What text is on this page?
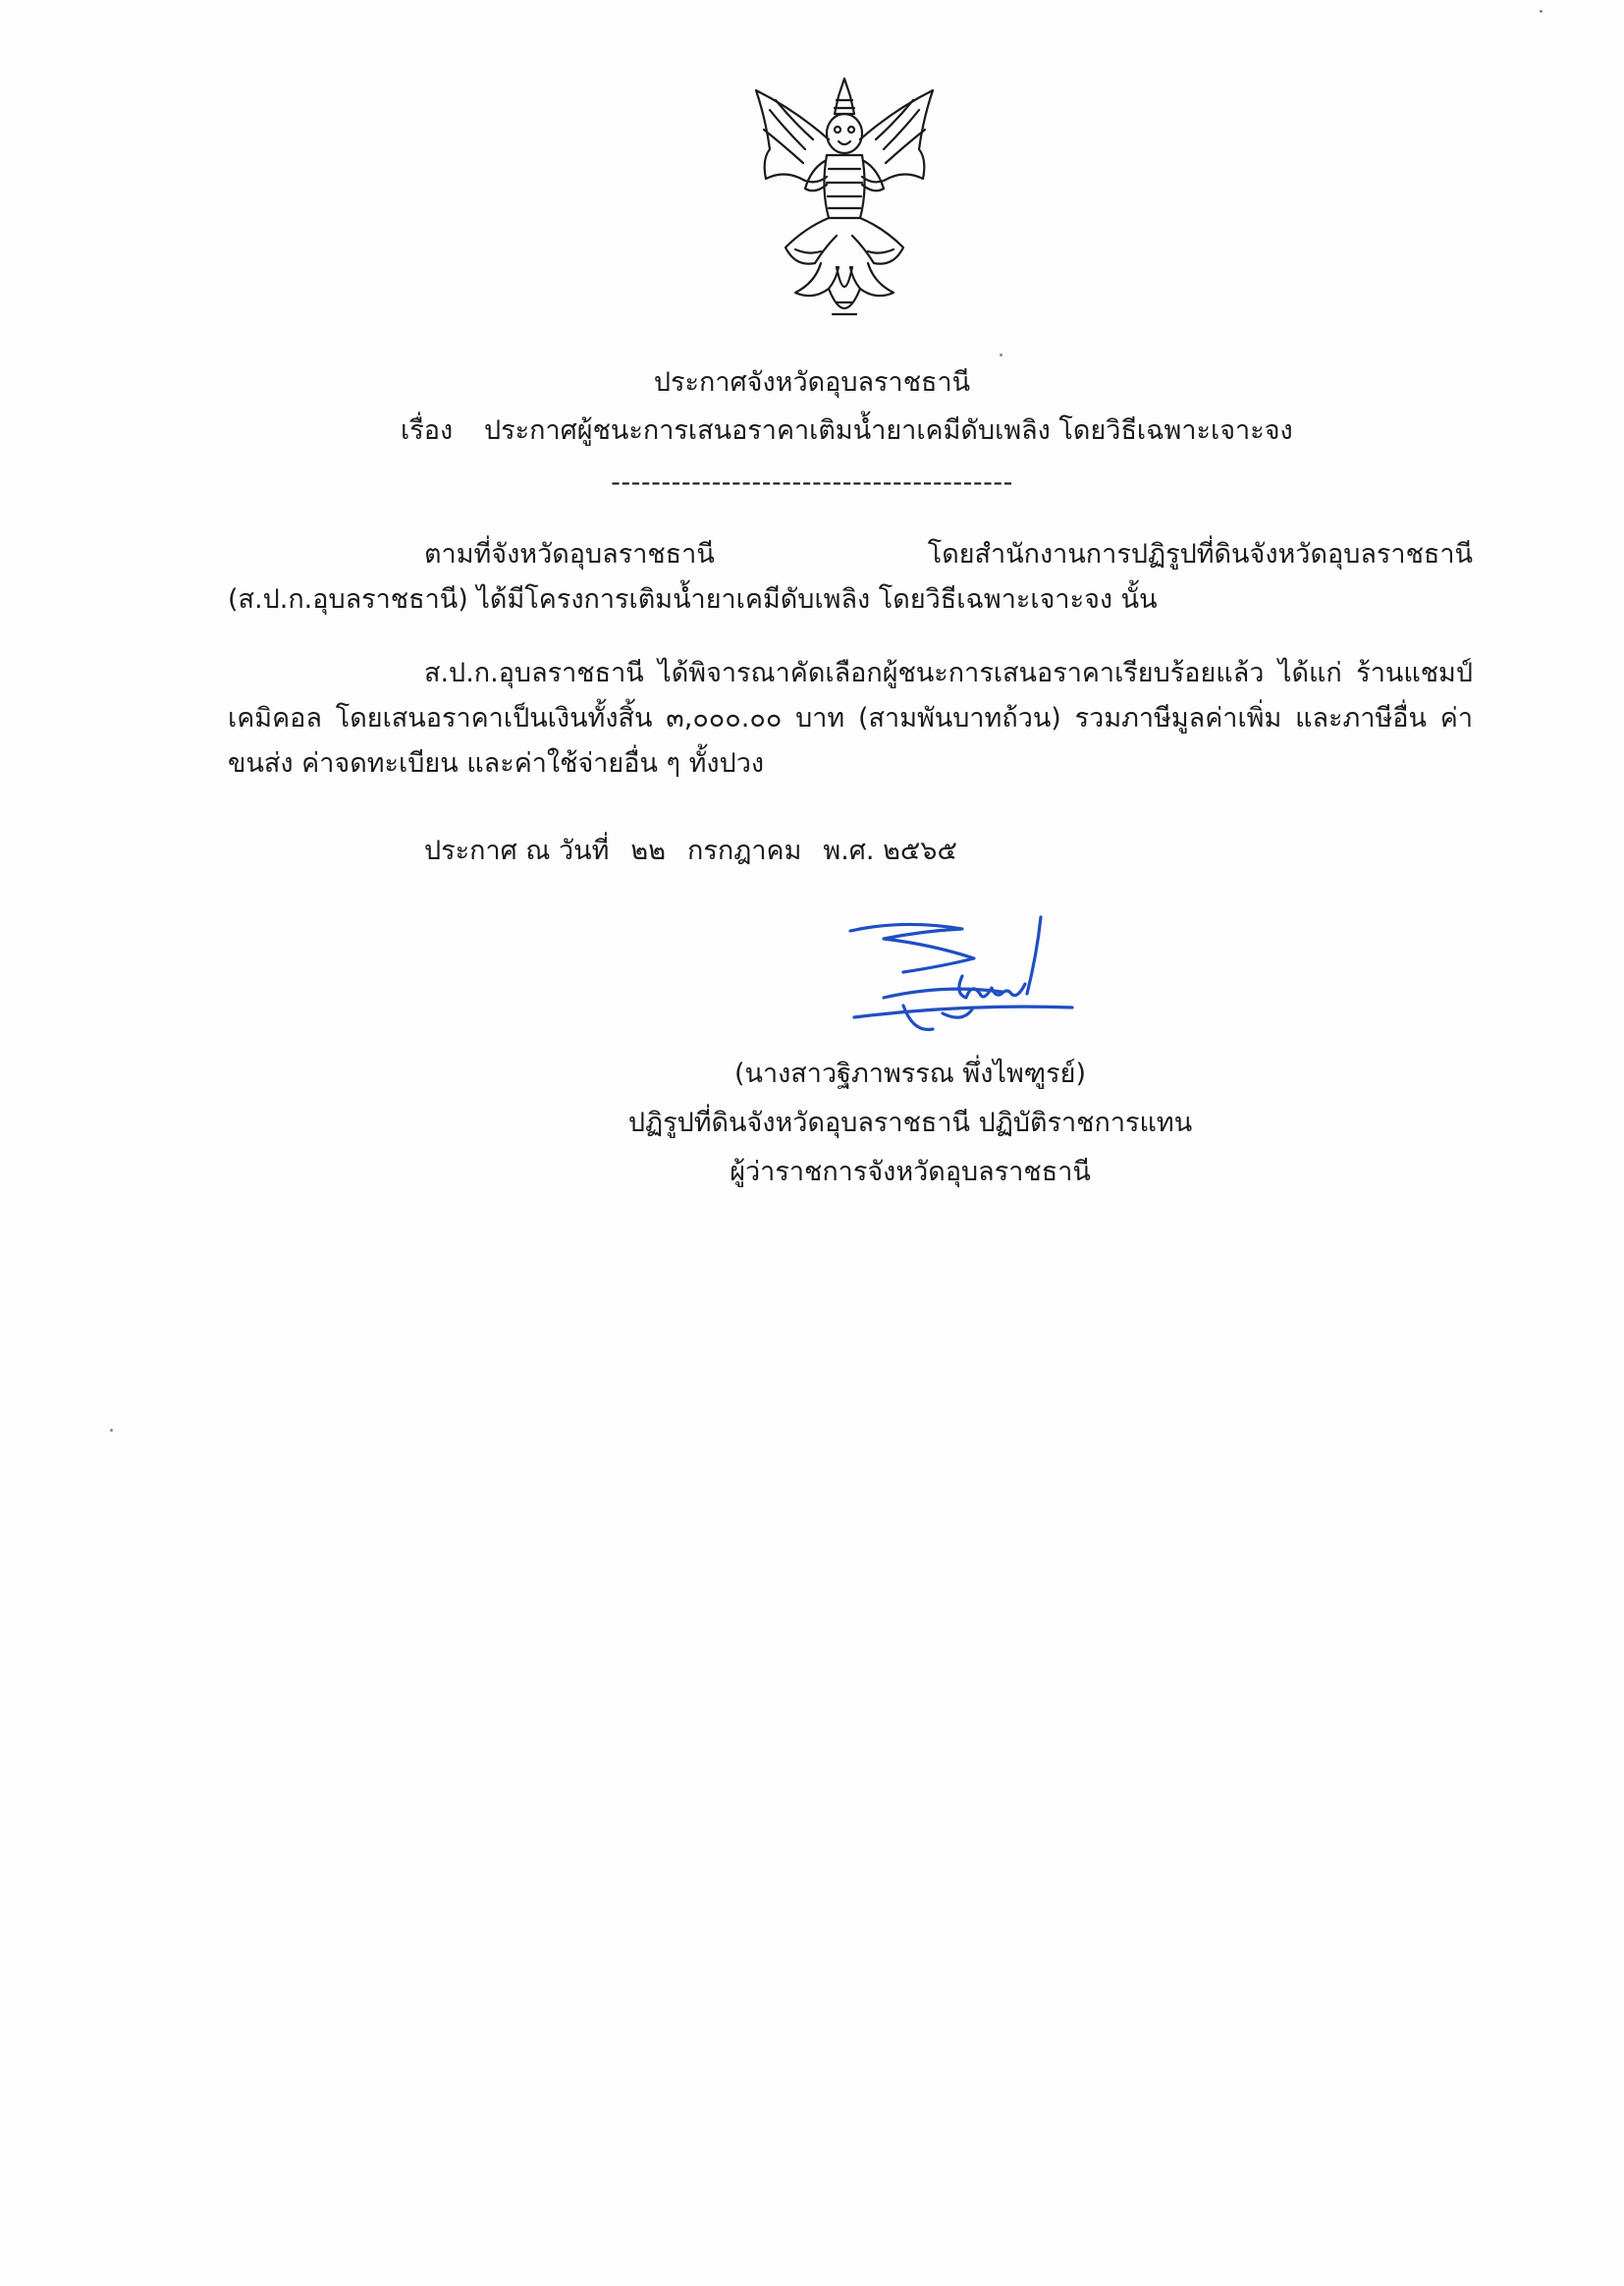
ประกาศจังหวัดอุบลราชธานี
เรื่อง ประกาศผู้ชนะการเสนอราคาเติมน้ำยาเคมีดับเพลิง โดยวิธีเฉพาะเจาะจง
----------------------------------------
ตามที่จังหวัดอุบลราชธานี โดยสำนักงานการปฏิรูปที่ดินจังหวัดอุบลราชธานี (ส.ป.ก.อุบลราชธานี) ได้มีโครงการเติมน้ำยาเคมีดับเพลิง โดยวิธีเฉพาะเจาะจง นั้น
ส.ป.ก.อุบลราชธานี ได้พิจารณาคัดเลือกผู้ชนะการเสนอราคาเรียบร้อยแล้ว ได้แก่ ร้านแชมป์เคมิคอล โดยเสนอราคาเป็นเงินทั้งสิ้น ๓,๐๐๐.๐๐ บาท (สามพันบาทถ้วน) รวมภาษีมูลค่าเพิ่ม และภาษีอื่น ค่าขนส่ง ค่าจดทะเบียน และค่าใช้จ่ายอื่น ๆ ทั้งปวง
ประกาศ ณ วันที่ ๒๒ กรกฎาคม พ.ศ. ๒๕๖๕
(นางสาวฐิภาพรรณ พึ่งไพฑูรย์)
ปฏิรูปที่ดินจังหวัดอุบลราชธานี ปฏิบัติราชการแทน
ผู้ว่าราชการจังหวัดอุบลราชธานี
